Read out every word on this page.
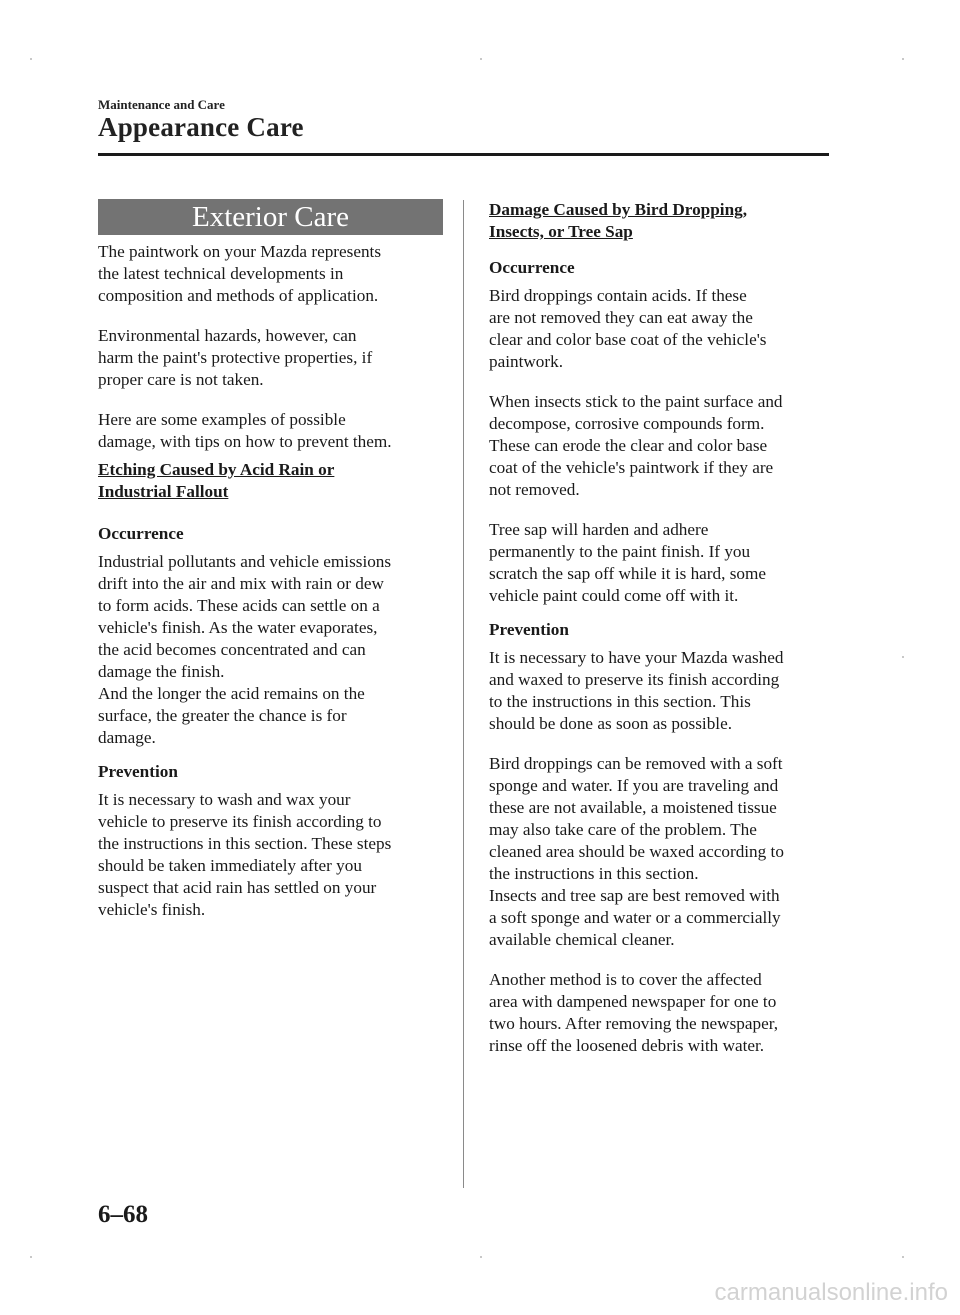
Maintenance and Care
Appearance Care
Exterior Care

The paintwork on your Mazda represents
the latest technical developments in
composition and methods of application.

Environmental hazards, however, can
harm the paint's protective properties, if
proper care is not taken.

Here are some examples of possible
damage, with tips on how to prevent them.

Etching Caused by Acid Rain or
Industrial Fallout

Occurrence

Industrial pollutants and vehicle emissions
drift into the air and mix with rain or dew
to form acids. These acids can settle on a
vehicle's finish. As the water evaporates,
the acid becomes concentrated and can
damage the finish.
And the longer the acid remains on the
surface, the greater the chance is for
damage.

Prevention

It is necessary to wash and wax your
vehicle to preserve its finish according to
the instructions in this section. These steps
should be taken immediately after you
suspect that acid rain has settled on your
vehicle's finish.

Damage Caused by Bird Dropping,
Insects, or Tree Sap

Occurrence

Bird droppings contain acids. If these
are not removed they can eat away the
clear and color base coat of the vehicle's
paintwork.

When insects stick to the paint surface and
decompose, corrosive compounds form.
These can erode the clear and color base
coat of the vehicle's paintwork if they are
not removed.

Tree sap will harden and adhere
permanently to the paint finish. If you
scratch the sap off while it is hard, some
vehicle paint could come off with it.

Prevention

It is necessary to have your Mazda washed
and waxed to preserve its finish according
to the instructions in this section. This
should be done as soon as possible.

Bird droppings can be removed with a soft
sponge and water. If you are traveling and
these are not available, a moistened tissue
may also take care of the problem. The
cleaned area should be waxed according to
the instructions in this section.
Insects and tree sap are best removed with
a soft sponge and water or a commercially
available chemical cleaner.

Another method is to cover the affected
area with dampened newspaper for one to
two hours. After removing the newspaper,
rinse off the loosened debris with water.

6–68
carmanualsonline.info
